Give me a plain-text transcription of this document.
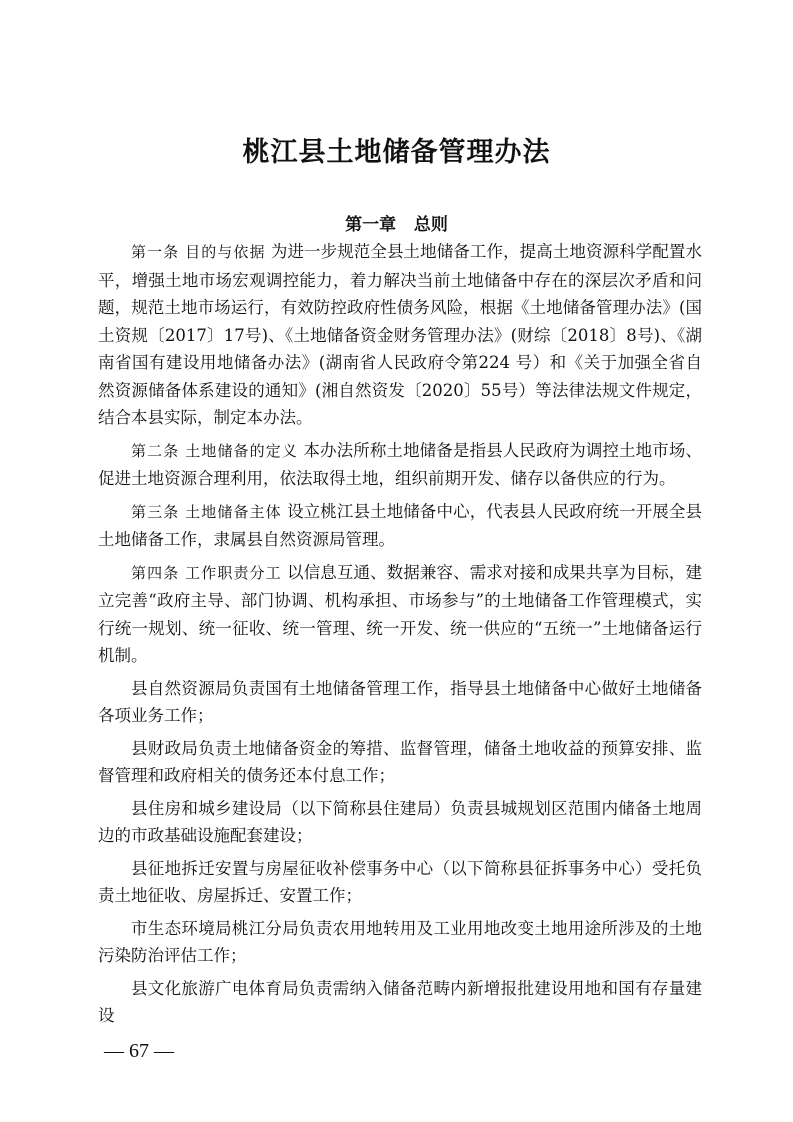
桃江县土地储备管理办法
第一章   总则

第一条 目的与依据 为进一步规范全县土地储备工作，提高土地资源科学配置水平，增强土地市场宏观调控能力，着力解决当前土地储备中存在的深层次矛盾和问题，规范土地市场运行，有效防控政府性债务风险，根据《土地储备管理办法》(国土资规〔2017〕17号)、《土地储备资金财务管理办法》(财综〔2018〕8号)、《湖南省国有建设用地储备办法》(湖南省人民政府令第224 号）和《关于加强全省自然资源储备体系建设的通知》(湘自然资发〔2020〕55号）等法律法规文件规定，结合本县实际，制定本办法。

第二条 土地储备的定义 本办法所称土地储备是指县人民政府为调控土地市场、促进土地资源合理利用，依法取得土地，组织前期开发、储存以备供应的行为。

第三条 土地储备主体 设立桃江县土地储备中心，代表县人民政府统一开展全县土地储备工作，隶属县自然资源局管理。

第四条 工作职责分工 以信息互通、数据兼容、需求对接和成果共享为目标，建立完善“政府主导、部门协调、机构承担、市场参与”的土地储备工作管理模式，实行统一规划、统一征收、统一管理、统一开发、统一供应的“五统一”土地储备运行机制。

县自然资源局负责国有土地储备管理工作，指导县土地储备中心做好土地储备各项业务工作；

县财政局负责土地储备资金的筹措、监督管理，储备土地收益的预算安排、监督管理和政府相关的债务还本付息工作；

县住房和城乡建设局（以下简称县住建局）负责县城规划区范围内储备土地周边的市政基础设施配套建设；

县征地拆迁安置与房屋征收补偿事务中心（以下简称县征拆事务中心）受托负责土地征收、房屋拆迁、安置工作；

市生态环境局桃江分局负责农用地转用及工业用地改变土地用途所涉及的土地污染防治评估工作；

县文化旅游广电体育局负责需纳入储备范畴内新增报批建设用地和国有存量建设

— 67 —
